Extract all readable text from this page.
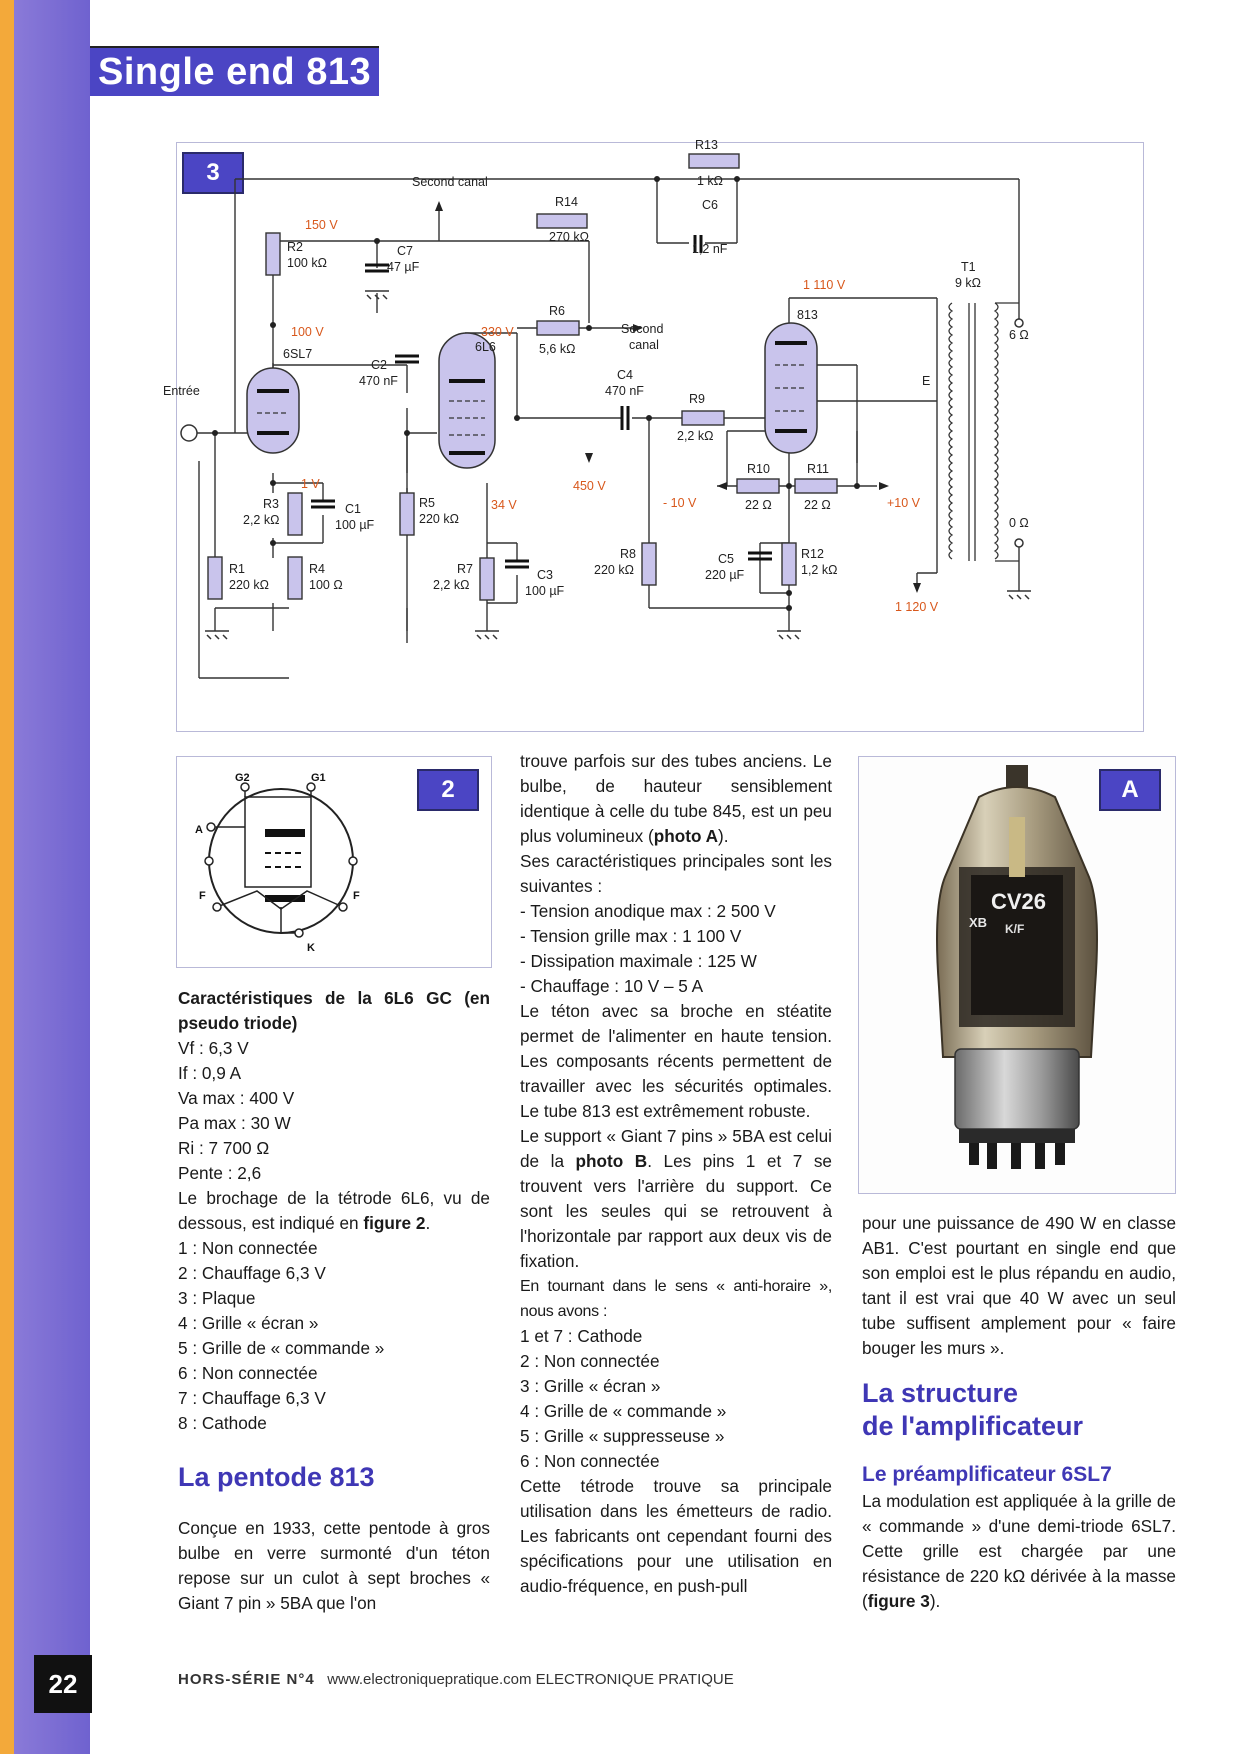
Single end 813
3
R13
1 kΩ
C6
1,2 nF
Second canal
R14
270 kΩ
R2
100 kΩ
C7
47 µF	T1
9 kΩ
R6
5,6 kΩ
Second
canal
813
6 Ω
6SL7	6L6
C2
470 nF
Entrée
C4
470 nF
R9
2,2 kΩ
E
R10
22 Ω
R11
22 Ω
R3
2,2 kΩ
C1
100 µF
R5
220 kΩ	0 Ω
R1
220 kΩ
R4
100 Ω
R7
2,2 kΩ
C3
100 µF
R8
220 kΩ
C5
220 µF
R12
1,2 kΩ
150 V
1 110 V
100 V	330 V
1 V	450 V
34 V	- 10 V	+10 V
1 120 V
2
G2	G1
A
F	F
K
A
XB
CV26
K/F

Caractéristiques de la 6L6 GC (en pseudo triode)

Vf : 6,3 V
If : 0,9 A
Va max : 400 V
Pa max : 30 W
Ri : 7 700 Ω
Pente : 2,6

Le brochage de la tétrode 6L6, vu de dessous, est indiqué en figure 2.

1 : Non connectée
2 : Chauffage 6,3 V
3 : Plaque
4 : Grille « écran »
5 : Grille de « commande »
6 : Non connectée
7 : Chauffage 6,3 V
8 : Cathode

La pentode 813

Conçue en 1933, cette pentode à gros bulbe en verre surmonté d'un téton repose sur un culot à sept broches « Giant 7 pin » 5BA que l'on

trouve parfois sur des tubes anciens. Le bulbe, de hauteur sensiblement identique à celle du tube 845, est un peu plus volumineux (photo A).

Ses caractéristiques principales sont les suivantes :

- Tension anodique max : 2 500 V
- Tension grille max : 1 100 V
- Dissipation maximale : 125 W
- Chauffage : 10 V – 5 A

Le téton avec sa broche en stéatite permet de l'alimenter en haute tension. Les composants récents permettent de travailler avec les sécurités optimales. Le tube 813 est extrêmement robuste.

Le support « Giant 7 pins » 5BA est celui de la photo B. Les pins 1 et 7 se trouvent vers l'arrière du support. Ce sont les seules qui se retrouvent à l'horizontale par rapport aux deux vis de fixation.

En tournant dans le sens « anti-horaire », nous avons :

1 et 7 : Cathode
2 : Non connectée
3 : Grille « écran »
4 : Grille de « commande »
5 : Grille « suppresseuse »
6 : Non connectée

Cette tétrode trouve sa principale utilisation dans les émetteurs de radio. Les fabricants ont cependant fourni des spécifications pour une utilisation en audio-fréquence, en push-pull

pour une puissance de 490 W en classe AB1. C'est pourtant en single end que son emploi est le plus répandu en audio, tant il est vrai que 40 W avec un seul tube suffisent amplement pour « faire bouger les murs ».

La structure
de l'amplificateur

Le préamplificateur 6SL7

La modulation est appliquée à la grille de « commande » d'une demi-triode 6SL7. Cette grille est chargée par une résistance de 220 kΩ dérivée à la masse (figure 3).

22	HORS-SÉRIE N°4 www.electroniquepratique.com ELECTRONIQUE PRATIQUE
